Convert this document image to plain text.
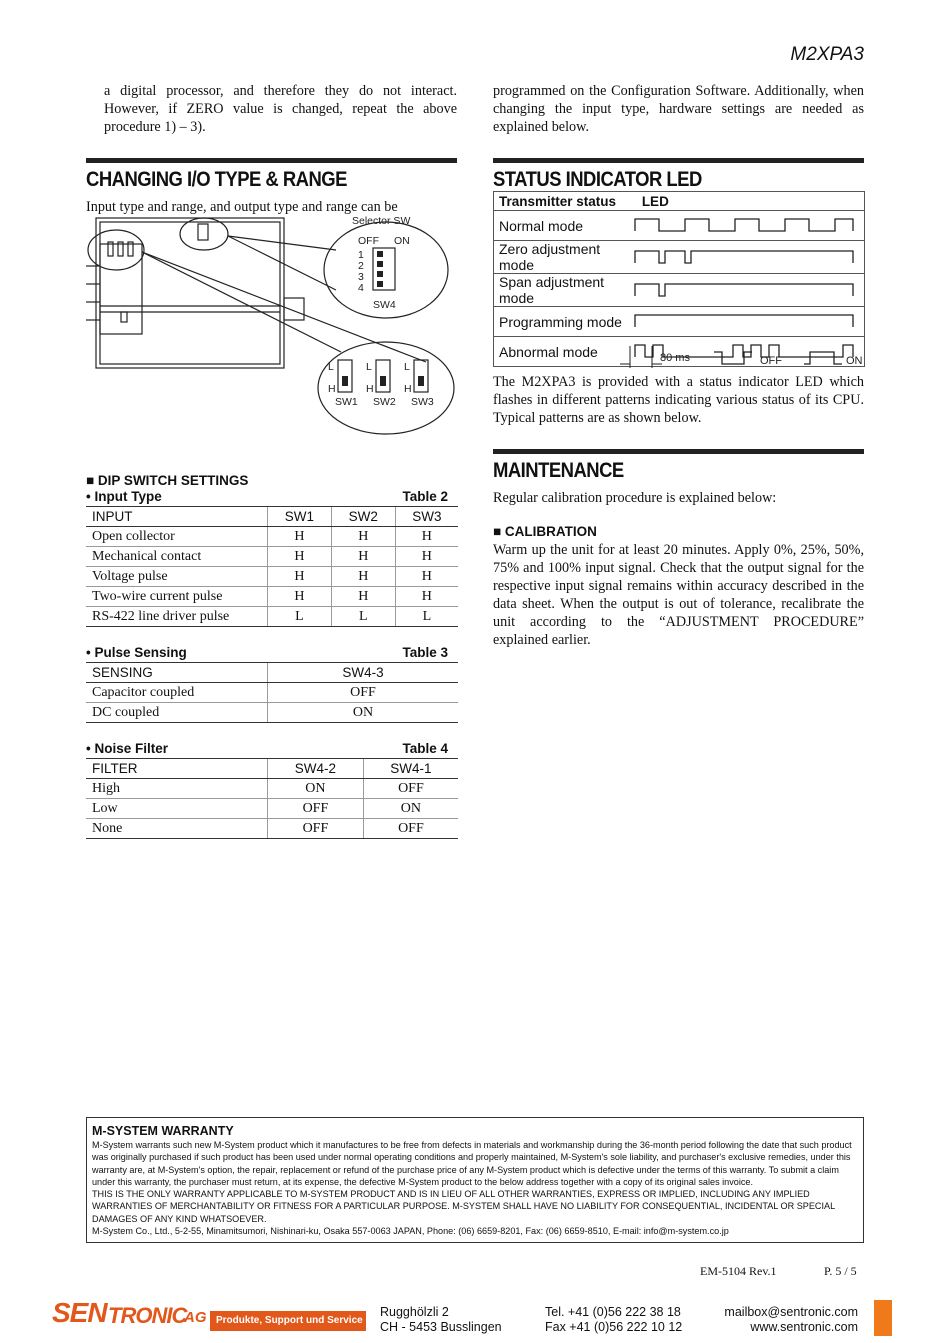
M2XPA3
a digital processor, and therefore they do not interact. However, if ZERO value is changed, repeat the above procedure 1) – 3).
programmed on the Configuration Software. Additionally, when changing the input type, hardware settings are needed as explained below.
CHANGING I/O TYPE & RANGE
Input type and range, and output type and range can be
Selector SW
OFF ON
1
2
3
4
SW4
L
H
L
H
L
H
SW1 SW2 SW3
■ DIP SWITCH SETTINGS
• Input Type	Table 2
INPUT	SW1	SW2	SW3
Open collector	H	H	H
Mechanical contact	H	H	H
Voltage pulse	H	H	H
Two-wire current pulse	H	H	H
RS-422 line driver pulse	L	L	L
• Pulse Sensing	Table 3
SENSING	SW4-3
Capacitor coupled	OFF
DC coupled	ON
• Noise Filter	Table 4
FILTER	SW4-2	SW4-1
High	ON	OFF
Low	OFF	ON
None	OFF	OFF
STATUS INDICATOR LED
Transmitter status LED	
Normal mode	
Zero adjustment mode	
Span adjustment mode	
Programming mode	
Abnormal mode		80 ms	OFF	ON
The M2XPA3 is provided with a status indicator LED which flashes in different patterns indicating various status of its CPU. Typical patterns are as shown below.
MAINTENANCE
Regular calibration procedure is explained below:
■ CALIBRATION
Warm up the unit for at least 20 minutes. Apply 0%, 25%, 50%, 75% and 100% input signal. Check that the output signal for the respective input signal remains within accuracy described in the data sheet. When the output is out of tolerance, recalibrate the unit according to the “ADJUSTMENT PROCEDURE” explained earlier.
M-SYSTEM WARRANTY
M-System warrants such new M-System product which it manufactures to be free from defects in materials and workmanship during the 36-month period following the date that such product was originally purchased if such product has been used under normal operating conditions and properly maintained, M-System's sole liability, and purchaser's exclusive remedies, under this warranty are, at M-System's option, the repair, replacement or refund of the purchase price of any M-System product which is defective under the terms of this warranty. To submit a claim under this warranty, the purchaser must return, at its expense, the defective M-System product to the below address together with a copy of its original sales invoice.
THIS IS THE ONLY WARRANTY APPLICABLE TO M-SYSTEM PRODUCT AND IS IN LIEU OF ALL OTHER WARRANTIES, EXPRESS OR IMPLIED, INCLUDING ANY IMPLIED WARRANTIES OF MERCHANTABILITY OR FITNESS FOR A PARTICULAR PURPOSE. M-SYSTEM SHALL HAVE NO LIABILITY FOR CONSEQUENTIAL, INCIDENTAL OR SPECIAL DAMAGES OF ANY KIND WHATSOEVER.
M-System Co., Ltd., 5-2-55, Minamitsumori, Nishinari-ku, Osaka 557-0063 JAPAN, Phone: (06) 6659-8201, Fax: (06) 6659-8510, E-mail: info@m-system.co.jp
EM-5104 Rev.1	P. 5 / 5
SEN TRONIC
AG Produkte, Support und Service
Rugghölzli 2
CH - 5453 Busslingen
Tel. +41 (0)56 222 38 18
Fax +41 (0)56 222 10 12
mailbox@sentronic.com
www.sentronic.com
